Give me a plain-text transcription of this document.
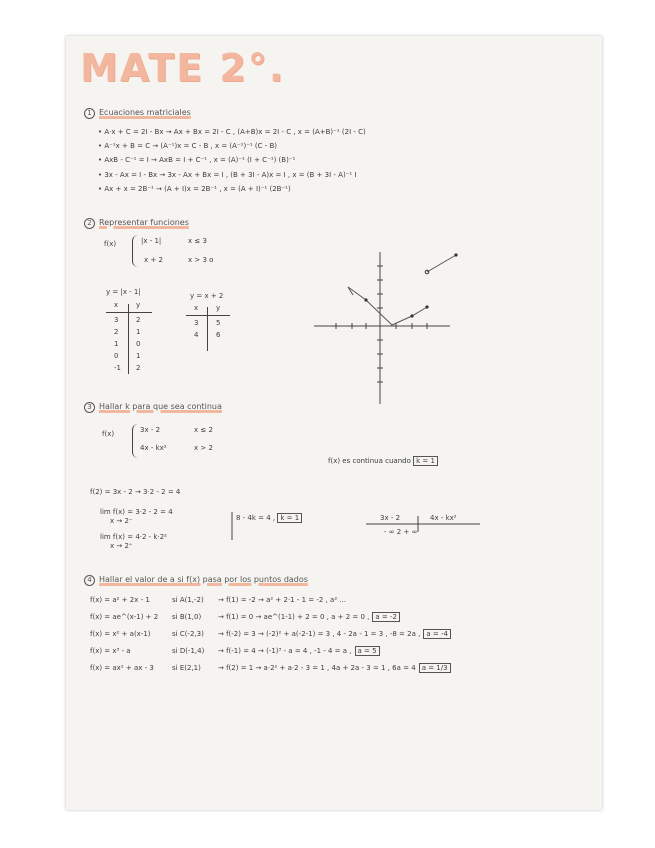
MATE 2°.
1 Ecuaciones matriciales
• A·x + C = 2I - Bx → Ax + Bx = 2I - C , (A+B)x = 2I - C , x = (A+B)⁻¹ (2I - C)
• A⁻¹x + B = C → (A⁻¹)x = C - B , x = (A⁻¹)⁻¹ (C - B)
• AxB - C⁻¹ = I → AxB = I + C⁻¹ , x = (A)⁻¹ (I + C⁻¹) (B)⁻¹
• 3x - Ax = I - Bx → 3x - Ax + Bx = I , (B + 3I - A)x = I , x = (B + 3I - A)⁻¹ I
• Ax + x = 2B⁻¹ → (A + I)x = 2B⁻¹ , x = (A + I)⁻¹ (2B⁻¹)
2 Representar funciones
f(x)	|x - 1|	x ≤ 3
x + 2	x > 3 o
y = |x - 1|	y = x + 2
x	y
3	2
2	1
1	0
0	1
-1 2
x	y
3	5
4	6
3 Hallar k para que sea continua
f(x)	3x - 2	x ≤ 2
4x - kx²	x > 2
f(x) es continua cuando k = 1
f(2) = 3x - 2 → 3·2 - 2 = 4
lim f(x) = 3·2 - 2 = 4
x → 2⁻
lim f(x) = 4·2 - k·2²
x → 2⁺
8 - 4k = 4 , k = 1	3x - 2	4x - kx²
- ∞ 2 + ∞
4 Hallar el valor de a si f(x) pasa por los puntos dados
f(x) = a² + 2x - 1	si A(1,-2) → f(1) = -2 → a² + 2·1 - 1 = -2 , a² ...
f(x) = ae^(x-1) + 2 si B(1,0) → f(1) = 0 → ae^(1-1) + 2 = 0 , a + 2 = 0 , a = -2
f(x) = x² + a(x-1)	si C(-2,3) → f(-2) = 3 → (-2)² + a(-2-1) = 3 , 4 - 2a - 1 = 3 , -8 = 2a , a = -4
f(x) = x³ - a	si D(-1,4) → f(-1) = 4 → (-1)³ - a = 4 , -1 - 4 = a , a = 5
f(x) = ax² + ax - 3	si E(2,1) → f(2) = 1 → a·2² + a·2 - 3 = 1 , 4a + 2a - 3 = 1 , 6a = 4 a = 1/3
